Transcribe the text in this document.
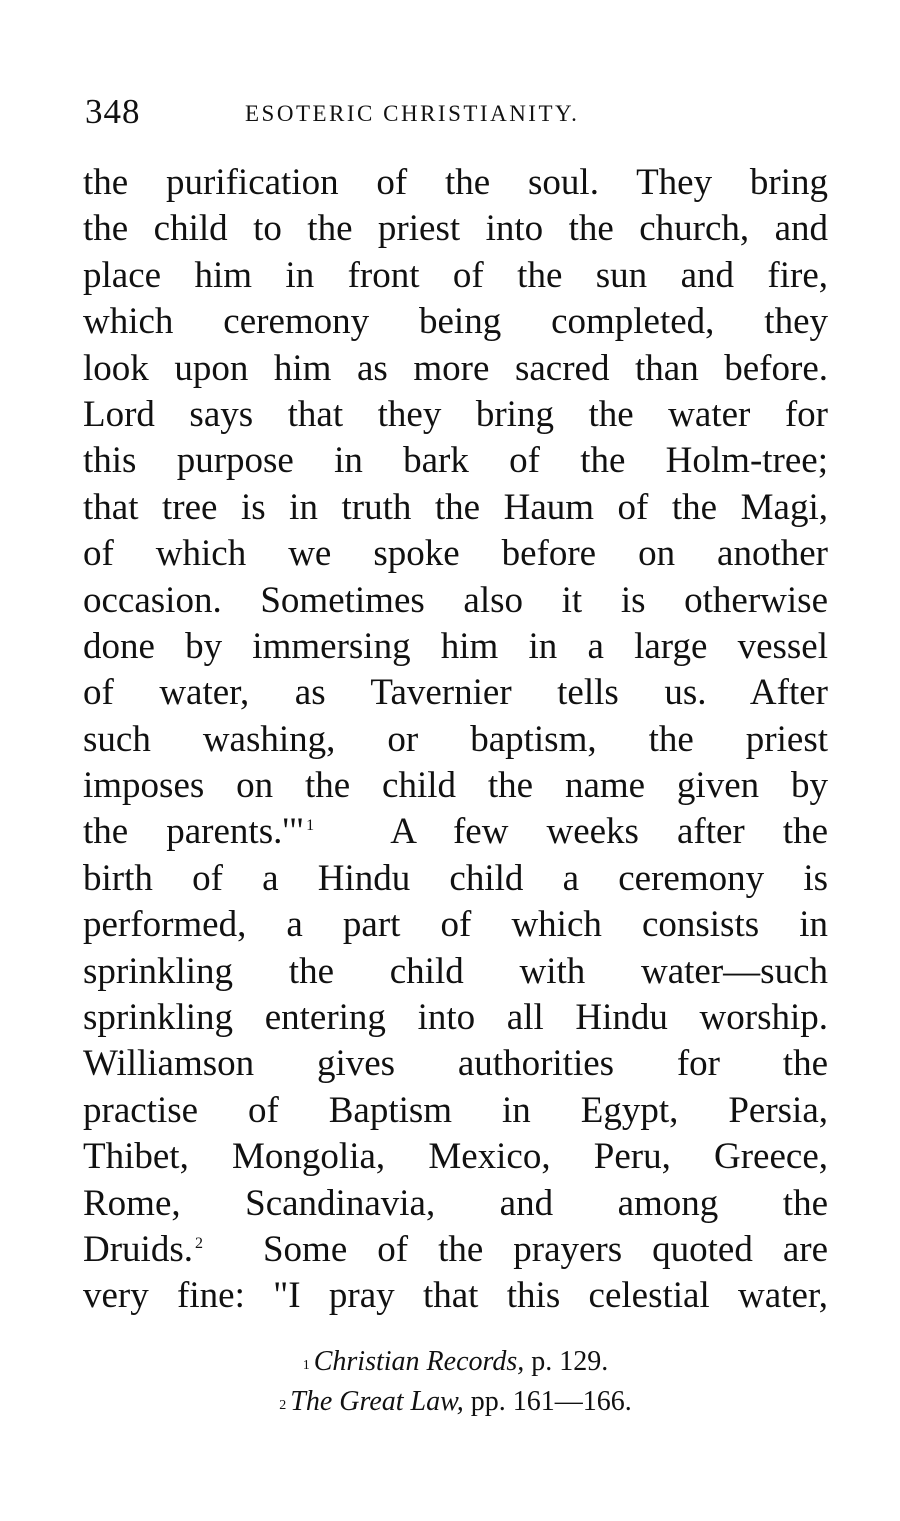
348	ESOTERIC CHRISTIANITY.
the purification of the soul. They bring
the child to the priest into the church, and
place him in front of the sun and fire,
which ceremony being completed, they
look upon him as more sacred than before.
Lord says that they bring the water for
this purpose in bark of the Holm-tree;
that tree is in truth the Haum of the Magi,
of which we spoke before on another
occasion. Sometimes also it is otherwise
done by immersing him in a large vessel
of water, as Tavernier tells us. After
such washing, or baptism, the priest
imposes on the child the name given by
the parents.'" $^1$ A few weeks after the
birth of a Hindu child a ceremony is
performed, a part of which consists in
sprinkling the child with water—such
sprinkling entering into all Hindu worship.
Williamson gives authorities for the
practise of Baptism in Egypt, Persia,
Thibet, Mongolia, Mexico, Peru, Greece,
Rome, Scandinavia, and among the
Druids. $^2$ Some of the prayers quoted are
very fine: "I pray that this celestial water,
$^1$ Christian Records, p. 129.
$^2$ The Great Law, pp. 161—166.
